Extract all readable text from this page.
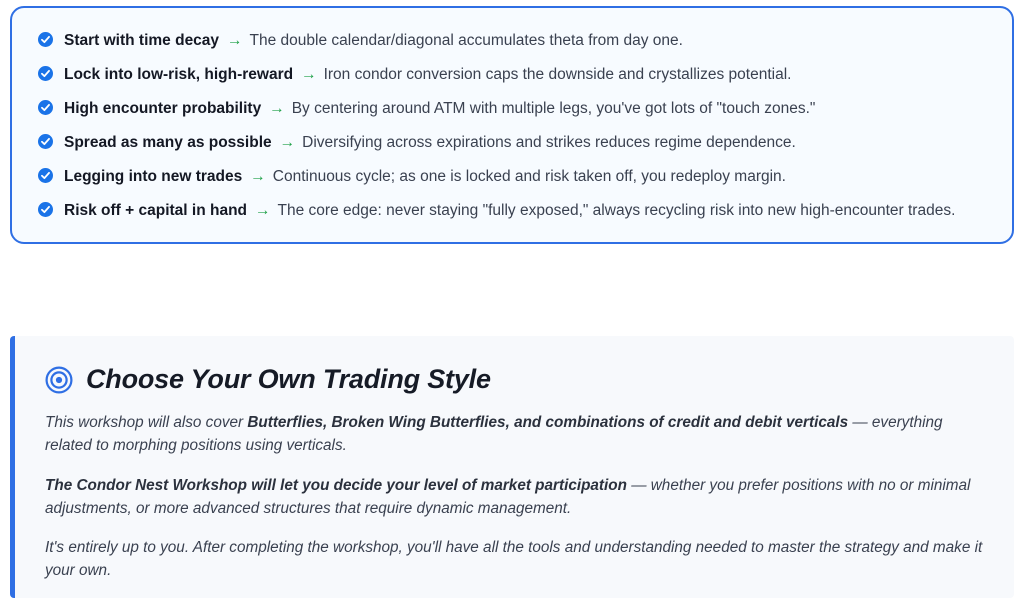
Start with time decay → The double calendar/diagonal accumulates theta from day one.
Lock into low-risk, high-reward → Iron condor conversion caps the downside and crystallizes potential.
High encounter probability → By centering around ATM with multiple legs, you've got lots of "touch zones."
Spread as many as possible → Diversifying across expirations and strikes reduces regime dependence.
Legging into new trades → Continuous cycle; as one is locked and risk taken off, you redeploy margin.
Risk off + capital in hand → The core edge: never staying "fully exposed," always recycling risk into new high-encounter trades.
Choose Your Own Trading Style

This workshop will also cover Butterflies, Broken Wing Butterflies, and combinations of credit and debit verticals — everything related to morphing positions using verticals.

The Condor Nest Workshop will let you decide your level of market participation — whether you prefer positions with no or minimal adjustments, or more advanced structures that require dynamic management.

It's entirely up to you. After completing the workshop, you'll have all the tools and understanding needed to master the strategy and make it your own.
